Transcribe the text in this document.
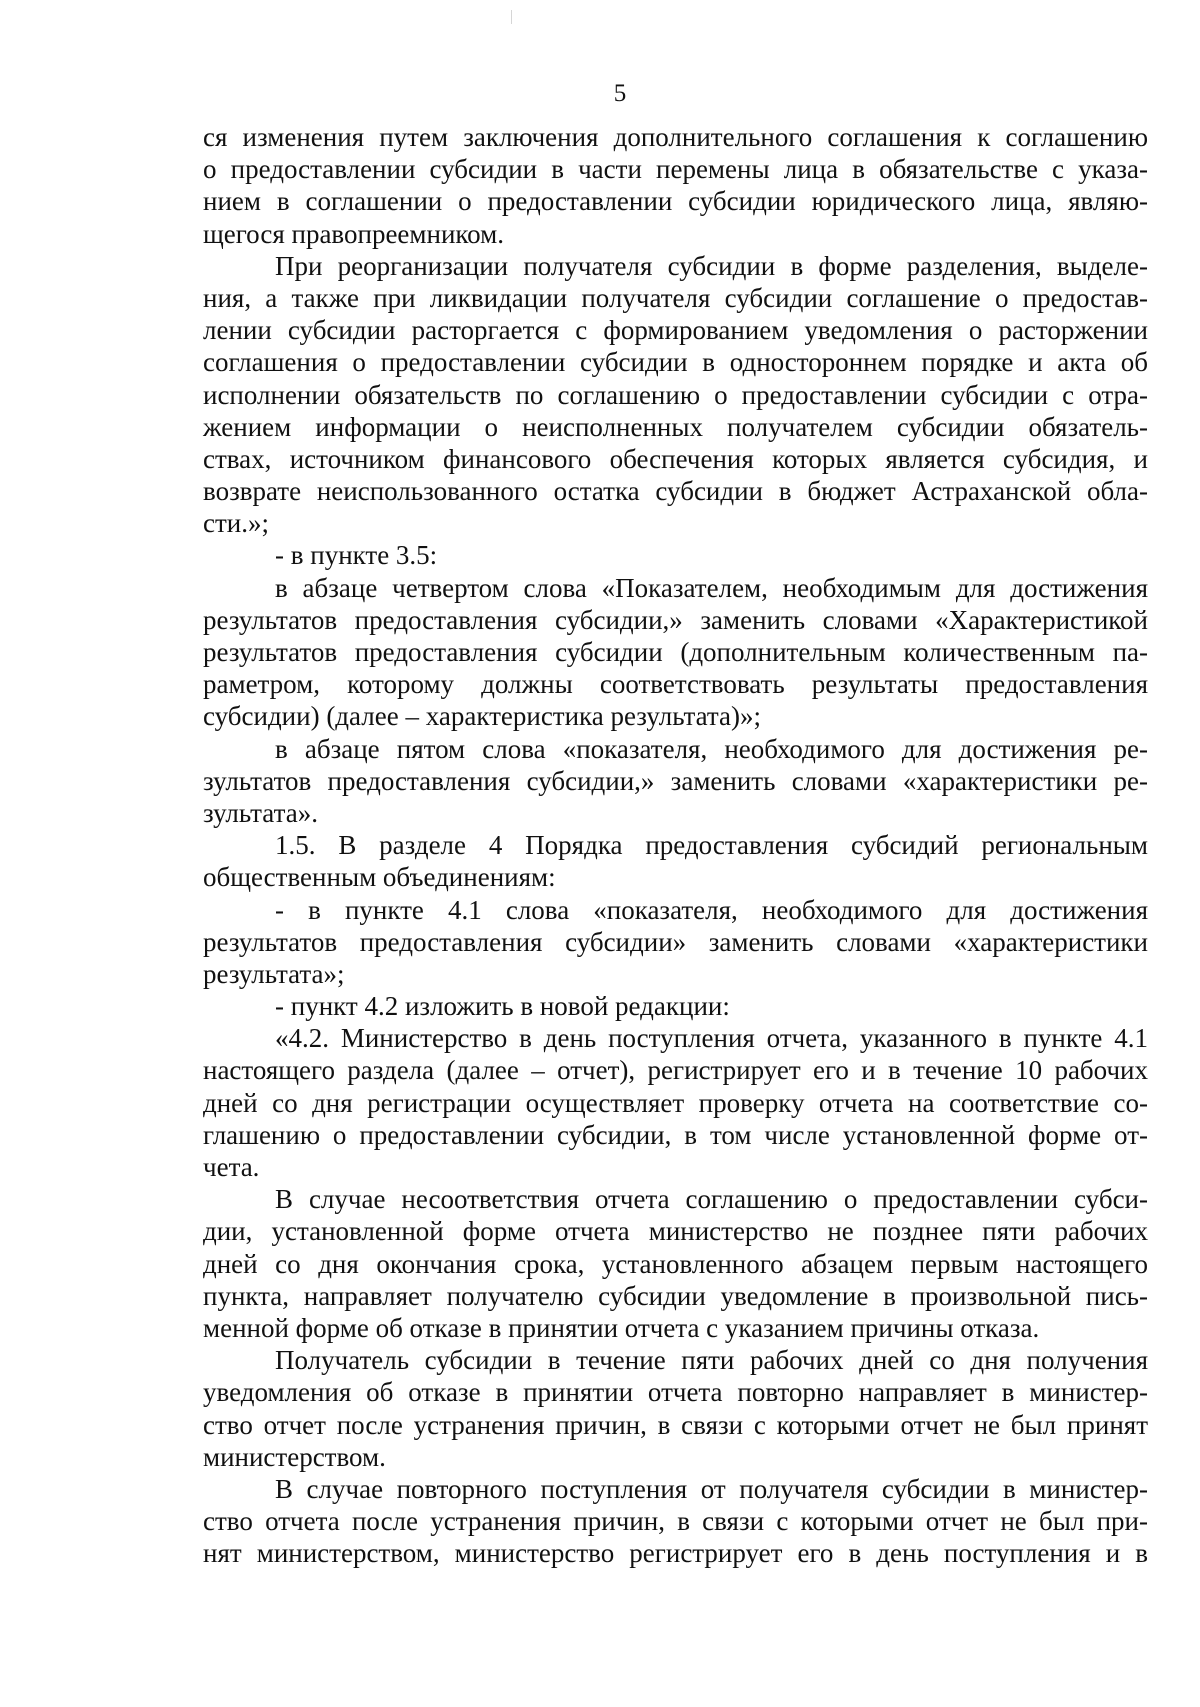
5
ся изменения путем заключения дополнительного соглашения к соглашению
о предоставлении субсидии в части перемены лица в обязательстве с указа-
нием в соглашении о предоставлении субсидии юридического лица, являю-
щегося правопреемником.
При реорганизации получателя субсидии в форме разделения, выделе-
ния, а также при ликвидации получателя субсидии соглашение о предостав-
лении субсидии расторгается с формированием уведомления о расторжении
соглашения о предоставлении субсидии в одностороннем порядке и акта об
исполнении обязательств по соглашению о предоставлении субсидии с отра-
жением информации о неисполненных получателем субсидии обязатель-
ствах, источником финансового обеспечения которых является субсидия, и
возврате неиспользованного остатка субсидии в бюджет Астраханской обла-
сти.»;
- в пункте 3.5:
в абзаце четвертом слова «Показателем, необходимым для достижения
результатов предоставления субсидии,» заменить словами «Характеристикой
результатов предоставления субсидии (дополнительным количественным па-
раметром, которому должны соответствовать результаты предоставления
субсидии) (далее – характеристика результата)»;
в абзаце пятом слова «показателя, необходимого для достижения ре-
зультатов предоставления субсидии,» заменить словами «характеристики ре-
зультата».
1.5. В разделе 4 Порядка предоставления субсидий региональным
общественным объединениям:
- в пункте 4.1 слова «показателя, необходимого для достижения
результатов предоставления субсидии» заменить словами «характеристики
результата»;
- пункт 4.2 изложить в новой редакции:
«4.2. Министерство в день поступления отчета, указанного в пункте 4.1
настоящего раздела (далее – отчет), регистрирует его и в течение 10 рабочих
дней со дня регистрации осуществляет проверку отчета на соответствие со-
глашению о предоставлении субсидии, в том числе установленной форме от-
чета.
В случае несоответствия отчета соглашению о предоставлении субси-
дии, установленной форме отчета министерство не позднее пяти рабочих
дней со дня окончания срока, установленного абзацем первым настоящего
пункта, направляет получателю субсидии уведомление в произвольной пись-
менной форме об отказе в принятии отчета с указанием причины отказа.
Получатель субсидии в течение пяти рабочих дней со дня получения
уведомления об отказе в принятии отчета повторно направляет в министер-
ство отчет после устранения причин, в связи с которыми отчет не был принят
министерством.
В случае повторного поступления от получателя субсидии в министер-
ство отчета после устранения причин, в связи с которыми отчет не был при-
нят министерством, министерство регистрирует его в день поступления и в
